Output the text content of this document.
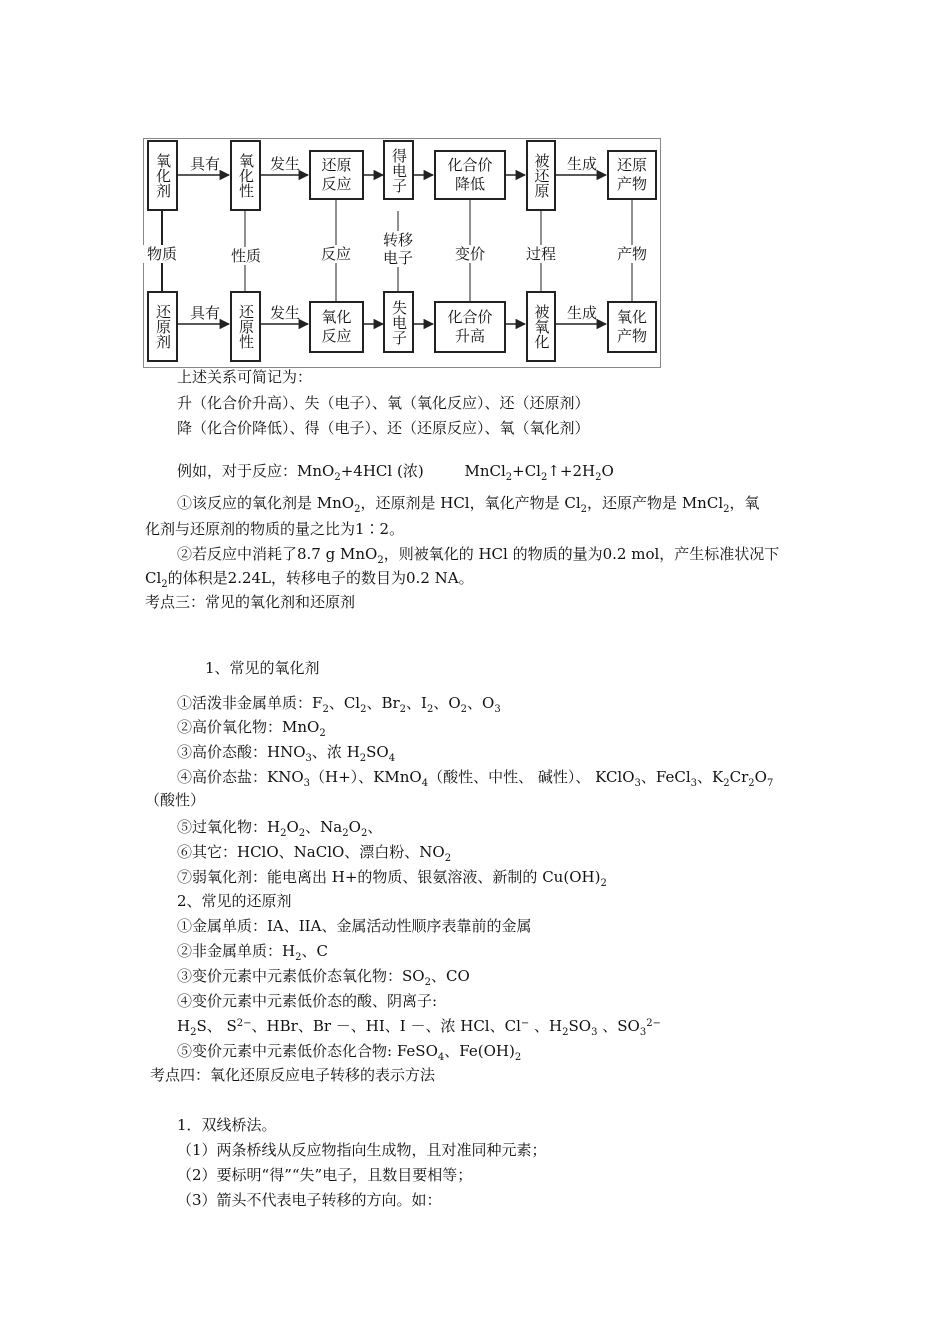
氧化剂	氧化性	还原反应	得电子	化合价降低	被还原	还原产物
具有	发生	生成
物质	性质	反应
转移电子	变价	过程	产物
还原剂	还原性	氧化反应	失电子	化合价升高	被氧化	氧化产物
具有	发生	生成
上述关系可简记为：
升（化合价升高）、失（电子）、氧（氧化反应）、还（还原剂）
降（化合价降低）、得（电子）、还（还原反应）、氧（氧化剂）
例如，对于反应：MnO$_2$+4HCl (浓)	$MnCl_2+Cl_2↑+2H_2O$
①该反应的氧化剂是 MnO$_2$，还原剂是 HCl，氧化产物是 $Cl_2$，还原产物是 MnCl$_2$，氧
化剂与还原剂的物质的量之比为1∶2。
②若反应中消耗了8.7 g MnO$_2$，则被氧化的 HCl 的物质的量为0.2 mol，产生标准状况下
$Cl_2$的体积是2.24L，转移电子的数目为0.2 NA。
考点三：常见的氧化剂和还原剂
1、常见的氧化剂
①活泼非金属单质：$F_2$、$Cl_2$、$Br_2$、$I_2$、$O_2$、$O_3$
②高价氧化物：MnO$_2$
③高价态酸：$HNO_3$、浓 $H_2SO_4$
④高价态盐：$KNO_3(H+)$、KMnO$_4$（酸性、中性、 碱性）、 KClO$_3$、FeCl$_3$、$K_2Cr_2O_7$
（酸性）
⑤过氧化物：$H_2O_2$、$Na_2O_2$、
⑥其它：HClO、NaClO、漂白粉、$NO_2$
⑦弱氧化剂：能电离出 H+的物质、银氨溶液、新制的 $Cu(OH)_2$
2、常见的还原剂
①金属单质：IA、IIA、金属活动性顺序表靠前的金属
②非金属单质：$H_2$、C
③变价元素中元素低价态氧化物：$SO_2$、CO
④变价元素中元素低价态的酸、阴离子:
$H_2S$、 $S^{2-}$、HBr、Br －、HI、I －、浓 HCl、Cl− 、$H_2SO_3$ 、$SO_3^{2-}$
⑤变价元素中元素低价态化合物: FeSO$_4$、$Fe(OH)_2$
考点四：氧化还原反应电子转移的表示方法
1．双线桥法。
（1）两条桥线从反应物指向生成物，且对准同种元素；
（2）要标明“得”“失”电子，且数目要相等；
（3）箭头不代表电子转移的方向。如：
